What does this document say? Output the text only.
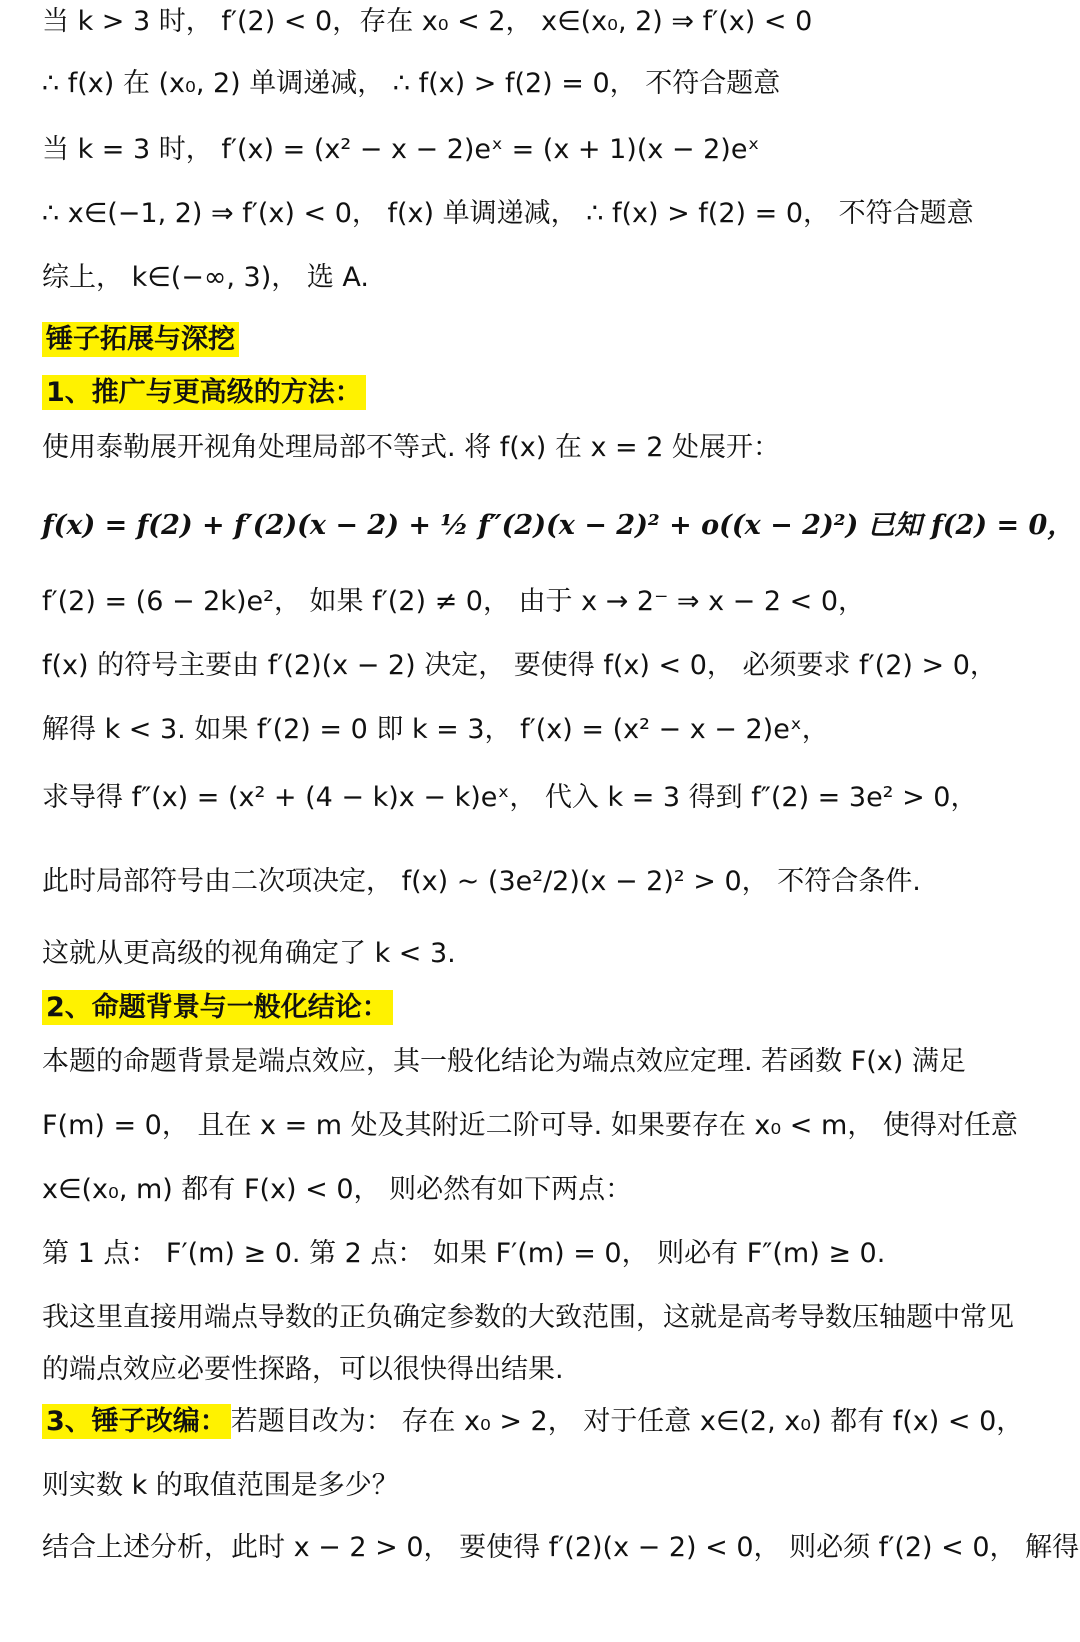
当 k > 3 时， f′(2) < 0，存在 x₀ < 2， x∈(x₀, 2) ⇒ f′(x) < 0
∴ f(x) 在 (x₀, 2) 单调递减， ∴ f(x) > f(2) = 0， 不符合题意
当 k = 3 时， f′(x) = (x² − x − 2)eˣ = (x + 1)(x − 2)eˣ
∴ x∈(−1, 2) ⇒ f′(x) < 0， f(x) 单调递减， ∴ f(x) > f(2) = 0， 不符合题意
综上， k∈(−∞, 3)， 选 A.
锤子拓展与深挖
1、推广与更高级的方法：
使用泰勒展开视角处理局部不等式. 将 f(x) 在 x = 2 处展开：
f(x) = f(2) + f′(2)(x − 2) + ½ f″(2)(x − 2)² + o((x − 2)²) 已知 f(2) = 0，
f′(2) = (6 − 2k)e²， 如果 f′(2) ≠ 0， 由于 x → 2⁻ ⇒ x − 2 < 0，
f(x) 的符号主要由 f′(2)(x − 2) 决定， 要使得 f(x) < 0， 必须要求 f′(2) > 0，
解得 k < 3. 如果 f′(2) = 0 即 k = 3， f′(x) = (x² − x − 2)eˣ，
求导得 f″(x) = (x² + (4 − k)x − k)eˣ， 代入 k = 3 得到 f″(2) = 3e² > 0，
此时局部符号由二次项决定， f(x) ~ (3e²/2)(x − 2)² > 0， 不符合条件.
这就从更高级的视角确定了 k < 3.
2、命题背景与一般化结论：
本题的命题背景是端点效应，其一般化结论为端点效应定理. 若函数 F(x) 满足
F(m) = 0， 且在 x = m 处及其附近二阶可导. 如果要存在 x₀ < m， 使得对任意
x∈(x₀, m) 都有 F(x) < 0， 则必然有如下两点：
第 1 点： F′(m) ≥ 0. 第 2 点： 如果 F′(m) = 0， 则必有 F″(m) ≥ 0.
我这里直接用端点导数的正负确定参数的大致范围，这就是高考导数压轴题中常见
的端点效应必要性探路，可以很快得出结果.
3、锤子改编： 若题目改为： 存在 x₀ > 2， 对于任意 x∈(2, x₀) 都有 f(x) < 0，
则实数 k 的取值范围是多少？
结合上述分析，此时 x − 2 > 0， 要使得 f′(2)(x − 2) < 0， 则必须 f′(2) < 0， 解得
